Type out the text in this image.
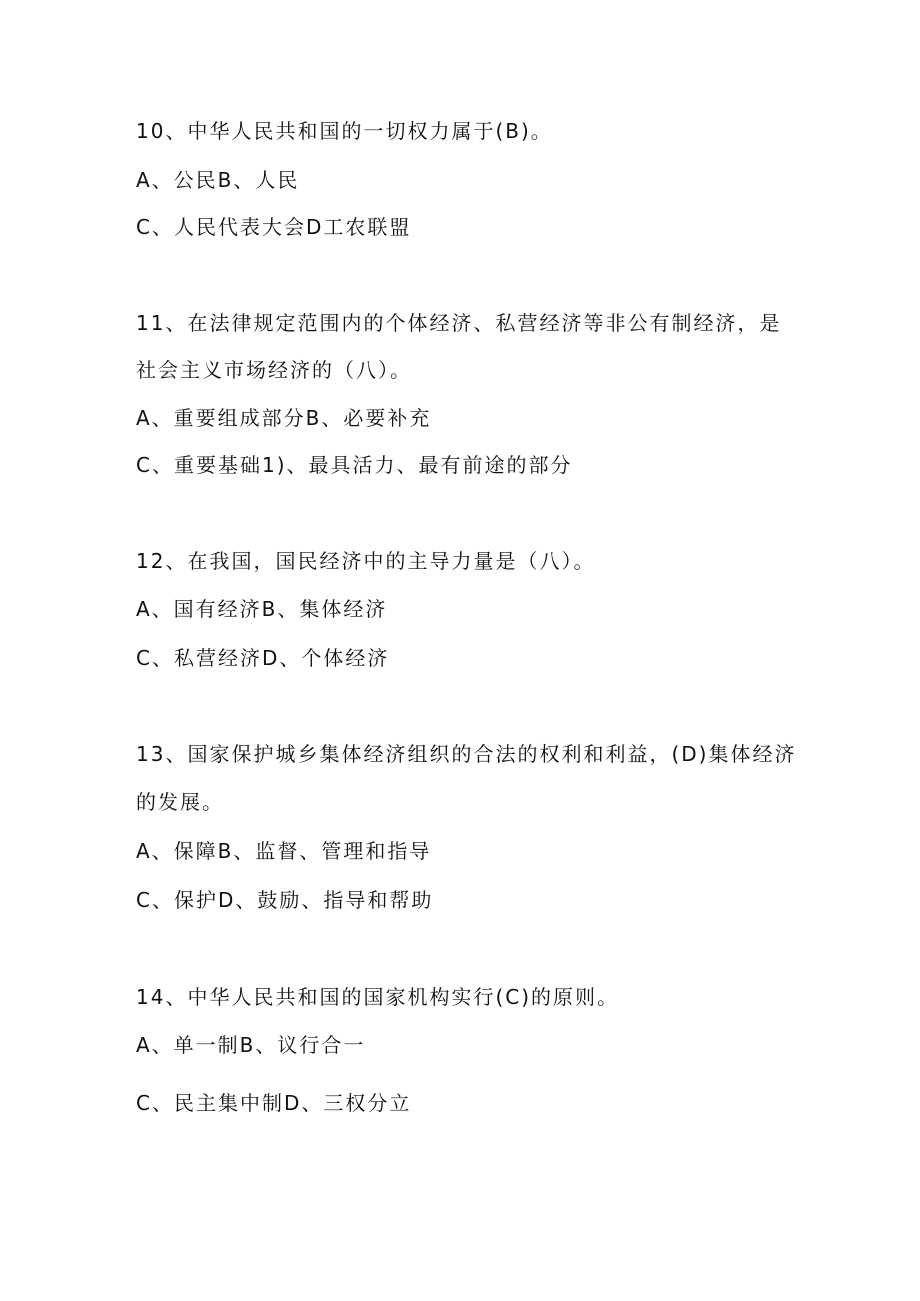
10、中华人民共和国的一切权力属于(B)。
A、公民B、人民
C、人民代表大会D工农联盟
11、在法律规定范围内的个体经济、私营经济等非公有制经济，是
社会主义市场经济的（八）。
A、重要组成部分B、必要补充
C、重要基础1)、最具活力、最有前途的部分
12、在我国，国民经济中的主导力量是（八）。
A、国有经济B、集体经济
C、私营经济D、个体经济
13、国家保护城乡集体经济组织的合法的权利和利益，(D)集体经济
的发展。
A、保障B、监督、管理和指导
C、保护D、鼓励、指导和帮助
14、中华人民共和国的国家机构实行(C)的原则。
A、单一制B、议行合一
C、民主集中制D、三权分立
